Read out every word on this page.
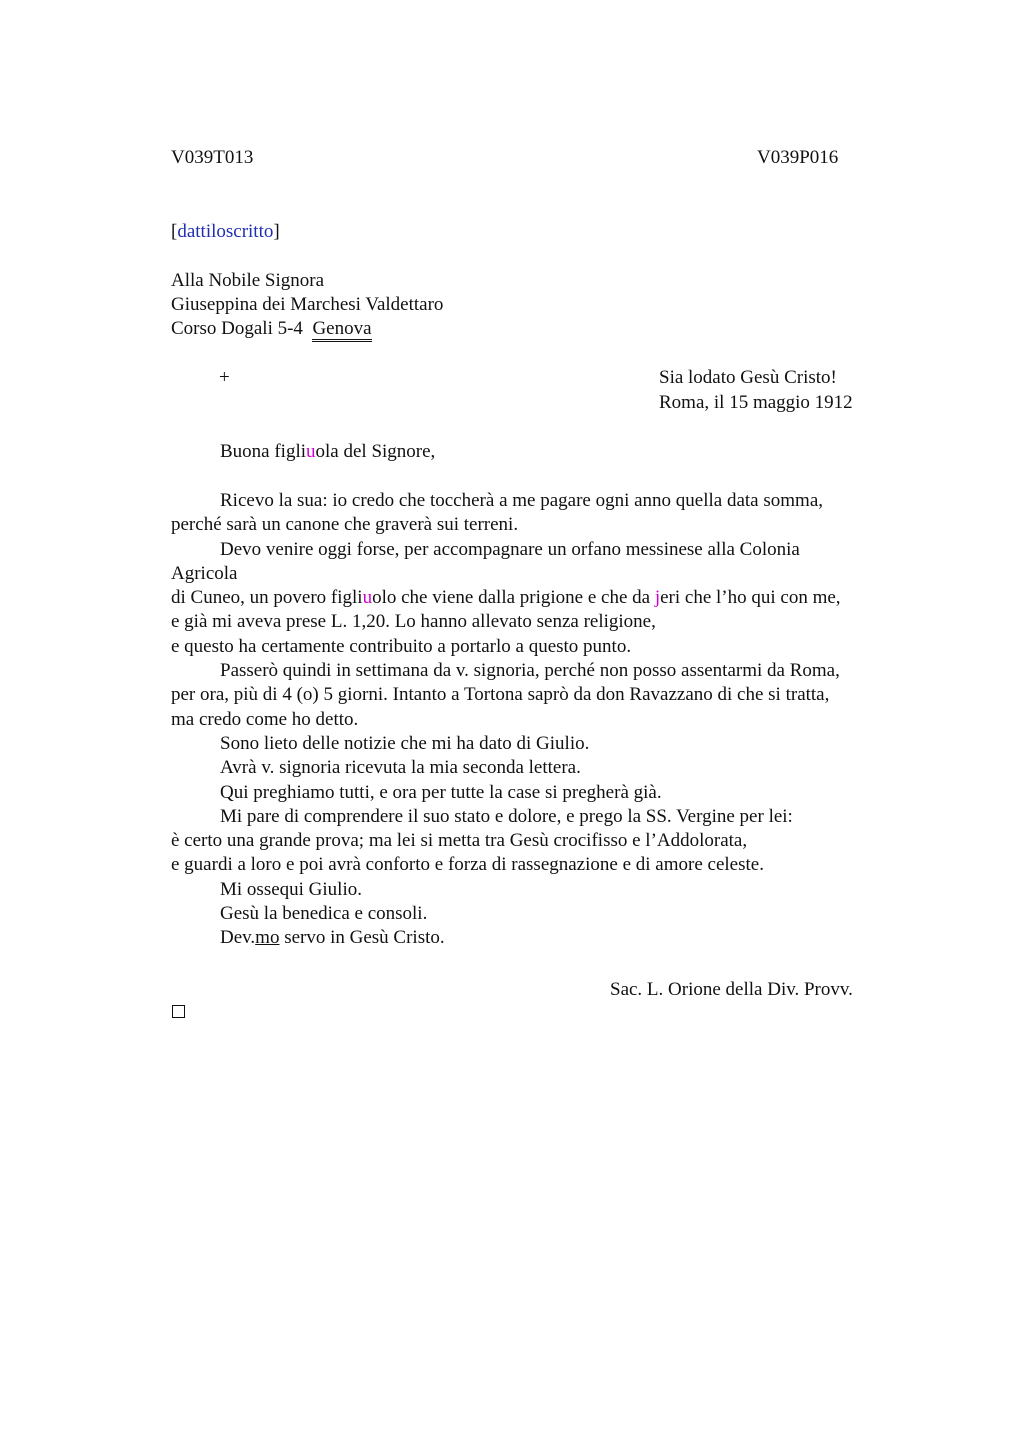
V039T013	V039P016
[dattiloscritto]
Alla Nobile Signora
Giuseppina dei Marchesi Valdettaro
Corso Dogali 5-4 Genova
+	Sia lodato Gesù Cristo!
Roma, il 15 maggio 1912
Buona figliuola del Signore,
Ricevo la sua: io credo che toccherà a me pagare ogni anno quella data somma,
perché sarà un canone che graverà sui terreni.
Devo venire oggi forse, per accompagnare un orfano messinese alla Colonia
Agricola
di Cuneo, un povero figliuolo che viene dalla prigione e che da jeri che l’ho qui con me,
e già mi aveva prese L. 1,20. Lo hanno allevato senza religione,
e questo ha certamente contribuito a portarlo a questo punto.
Passerò quindi in settimana da v. signoria, perché non posso assentarmi da Roma,
per ora, più di 4 (o) 5 giorni. Intanto a Tortona saprò da don Ravazzano di che si tratta,
ma credo come ho detto.
Sono lieto delle notizie che mi ha dato di Giulio.
Avrà v. signoria ricevuta la mia seconda lettera.
Qui preghiamo tutti, e ora per tutte la case si pregherà già.
Mi pare di comprendere il suo stato e dolore, e prego la SS. Vergine per lei:
è certo una grande prova; ma lei si metta tra Gesù crocifisso e l’Addolorata,
e guardi a loro e poi avrà conforto e forza di rassegnazione e di amore celeste.
Mi ossequi Giulio.
Gesù la benedica e consoli.
Dev.mo servo in Gesù Cristo.
Sac. L. Orione della Div. Provv.
